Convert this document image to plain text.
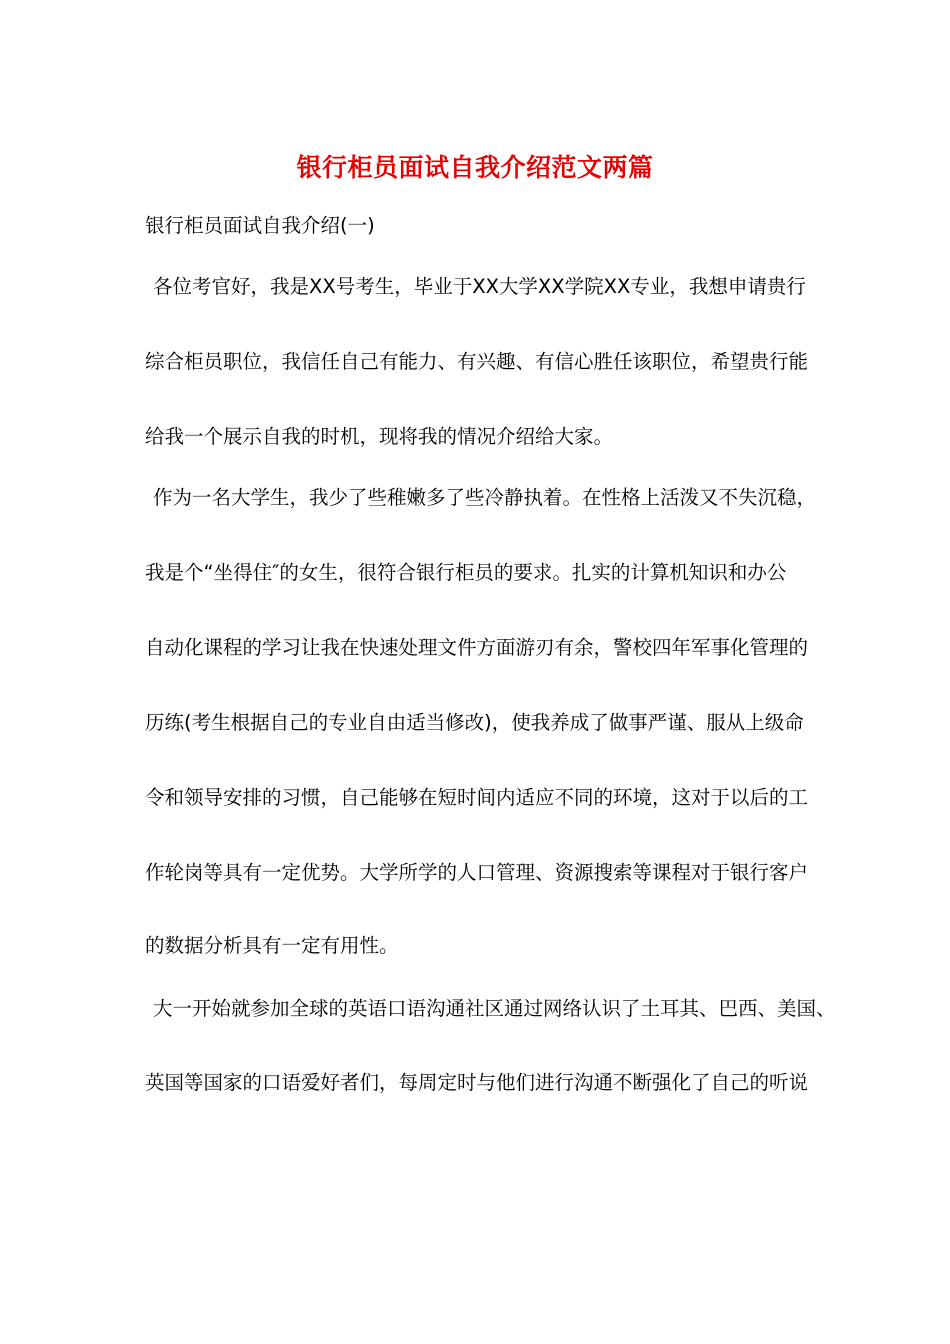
银行柜员面试自我介绍范文两篇
银行柜员面试自我介绍(一)
各位考官好，我是XX号考生，毕业于XX大学XX学院XX专业，我想申请贵行
综合柜员职位，我信任自己有能力、有兴趣、有信心胜任该职位，希望贵行能
给我一个展示自我的时机，现将我的情况介绍给大家。
作为一名大学生，我少了些稚嫩多了些冷静执着。在性格上活泼又不失沉稳，
我是个“坐得住″的女生，很符合银行柜员的要求。扎实的计算机知识和办公
自动化课程的学习让我在快速处理文件方面游刃有余，警校四年军事化管理的
历练(考生根据自己的专业自由适当修改)，使我养成了做事严谨、服从上级命
令和领导安排的习惯，自己能够在短时间内适应不同的环境，这对于以后的工
作轮岗等具有一定优势。大学所学的人口管理、资源搜索等课程对于银行客户
的数据分析具有一定有用性。
大一开始就参加全球的英语口语沟通社区通过网络认识了土耳其、巴西、美国、
英国等国家的口语爱好者们，每周定时与他们进行沟通不断强化了自己的听说
